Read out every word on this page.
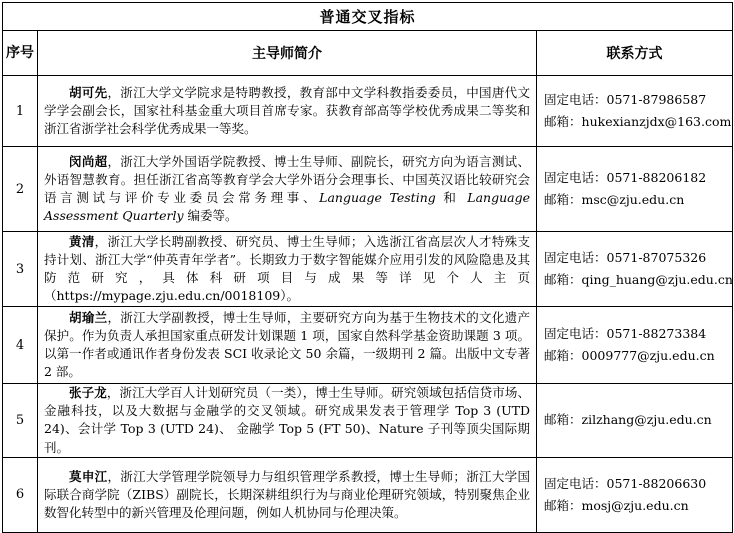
普通交叉指标		
序号	主导师简介	联系方式
1	胡可先，浙江大学文学院求是特聘教授，教育部中文学科教指委委员，中国唐代文学学会副会长，国家社科基金重大项目首席专家。获教育部高等学校优秀成果二等奖和浙江省浙学社会科学优秀成果一等奖。	固定电话：0571-87986587
邮箱：hukexianzjdx@163.com

2	闵尚超，浙江大学外国语学院教授、博士生导师、副院长，研究方向为语言测试、外语智慧教育。担任浙江省高等教育学会大学外语分会理事长、中国英汉语比较研究会语言测试与评价专业委员会常务理事、Language Testing 和 Language Assessment Quarterly 编委等。	固定电话：0571-88206182
邮箱：msc@zju.edu.cn

3	黄清，浙江大学长聘副教授、研究员、博士生导师；入选浙江省高层次人才特殊支持计划、浙江大学“仲英青年学者”。长期致力于数字智能媒介应用引发的风险隐患及其防范研究，具体科研项目与成果等详见个人主页（https://mypage.zju.edu.cn/0018109）。	固定电话：0571-87075326
邮箱：qing_huang@zju.edu.cn

4	胡瑜兰，浙江大学副教授，博士生导师，主要研究方向为基于生物技术的文化遗产保护。作为负责人承担国家重点研发计划课题 1 项，国家自然科学基金资助课题 3 项。以第一作者或通讯作者身份发表 SCI 收录论文 50 余篇，一级期刊 2 篇。出版中文专著 2 部。	固定电话：0571-88273384
邮箱：0009777@zju.edu.cn

5	张子龙，浙江大学百人计划研究员（一类），博士生导师。研究领域包括信贷市场、金融科技，以及大数据与金融学的交叉领域。研究成果发表于管理学 Top 3 (UTD 24)、会计学 Top 3 (UTD 24)、 金融学 Top 5 (FT 50)、Nature 子刊等顶尖国际期刊。	邮箱：zilzhang@zju.edu.cn

6	莫申江，浙江大学管理学院领导力与组织管理学系教授，博士生导师；浙江大学国际联合商学院（ZIBS）副院长，长期深耕组织行为与商业伦理研究领域，特别聚焦企业数智化转型中的新兴管理及伦理问题，例如人机协同与伦理决策。	固定电话：0571-88206630
邮箱：mosj@zju.edu.cn
